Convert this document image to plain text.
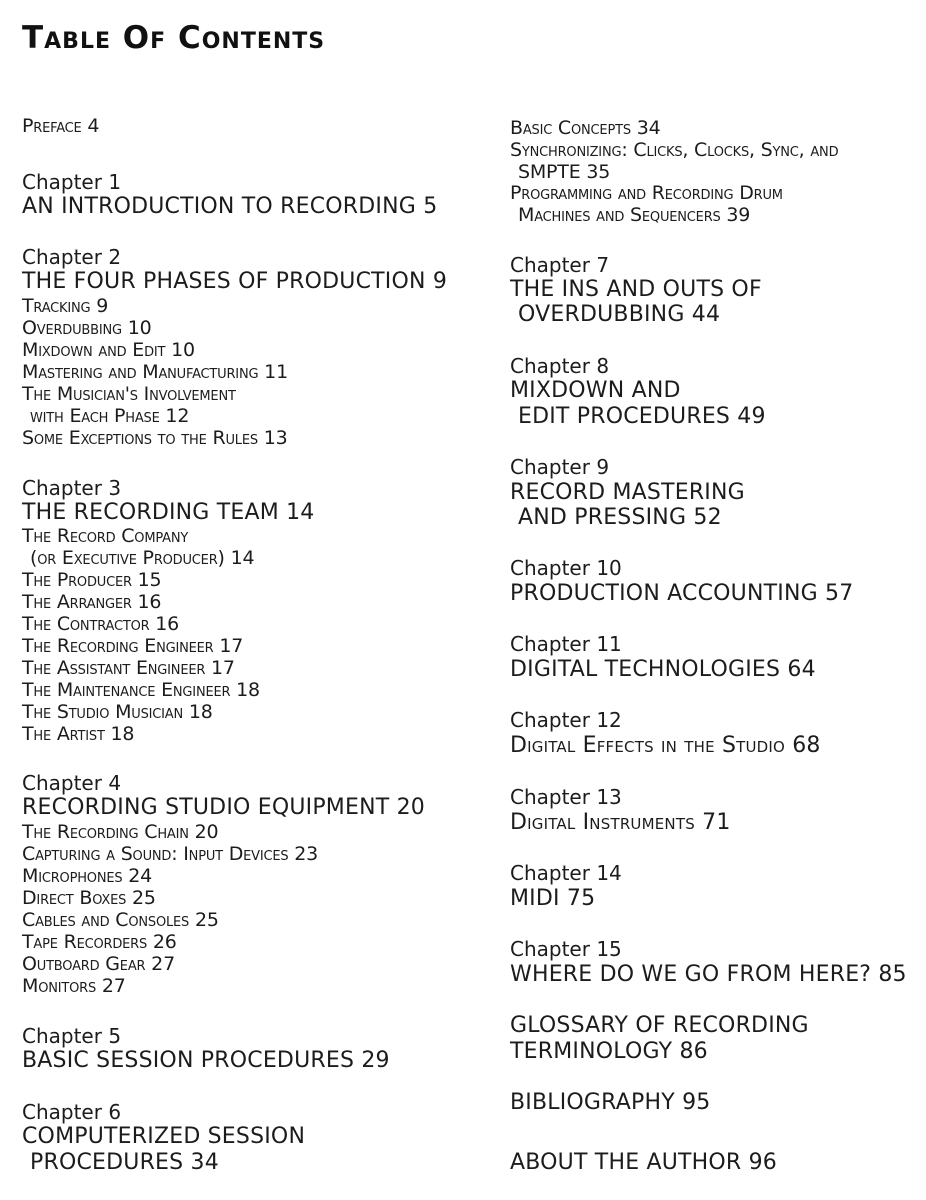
Table Of Contents
Preface 4
Chapter 1
AN INTRODUCTION TO RECORDING 5
Chapter 2
THE FOUR PHASES OF PRODUCTION 9
Tracking 9
Overdubbing 10
Mixdown and Edit 10
Mastering and Manufacturing 11
The Musician's Involvement
with Each Phase 12
Some Exceptions to the Rules 13
Chapter 3
THE RECORDING TEAM 14
The Record Company
(or Executive Producer) 14
The Producer 15
The Arranger 16
The Contractor 16
The Recording Engineer 17
The Assistant Engineer 17
The Maintenance Engineer 18
The Studio Musician 18
The Artist 18
Chapter 4
RECORDING STUDIO EQUIPMENT 20
The Recording Chain 20
Capturing a Sound: Input Devices 23
Microphones 24
Direct Boxes 25
Cables and Consoles 25
Tape Recorders 26
Outboard Gear 27
Monitors 27
Chapter 5
BASIC SESSION PROCEDURES 29
Chapter 6
COMPUTERIZED SESSION
PROCEDURES 34
Basic Concepts 34
Synchronizing: Clicks, Clocks, Sync, and
SMPTE 35
Programming and Recording Drum
Machines and Sequencers 39
Chapter 7
THE INS AND OUTS OF
OVERDUBBING 44
Chapter 8
MIXDOWN AND
EDIT PROCEDURES 49
Chapter 9
RECORD MASTERING
AND PRESSING 52
Chapter 10
PRODUCTION ACCOUNTING 57
Chapter 11
DIGITAL TECHNOLOGIES 64
Chapter 12
Digital Effects in the Studio 68
Chapter 13
Digital Instruments 71
Chapter 14
MIDI 75
Chapter 15
WHERE DO WE GO FROM HERE? 85
GLOSSARY OF RECORDING
TERMINOLOGY 86
BIBLIOGRAPHY 95
ABOUT THE AUTHOR 96
